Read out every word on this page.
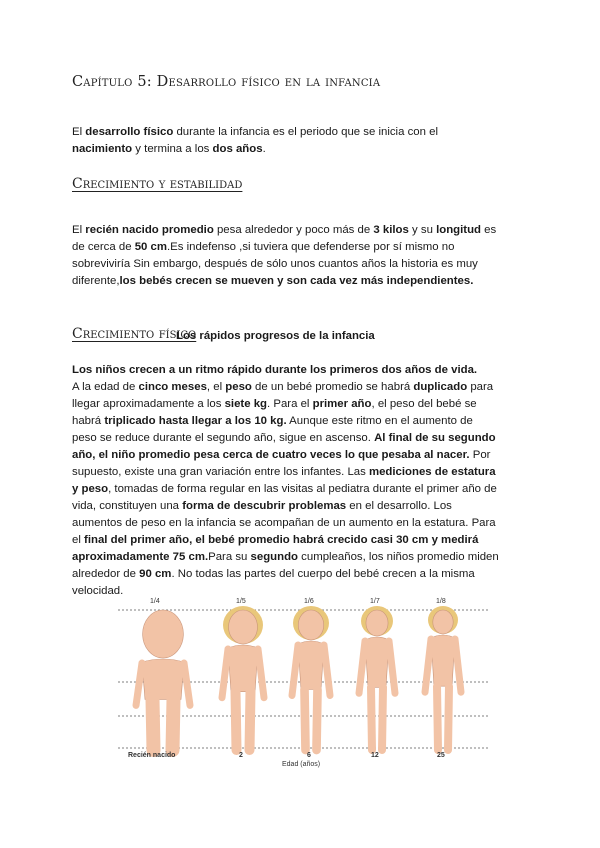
Capítulo 5: Desarrollo físico en la infancia
El desarrollo físico durante la infancia es el periodo que se inicia con el
nacimiento y termina a los dos años.
Crecimiento y estabilidad
El recién nacido promedio pesa alrededor y poco más de 3 kilos y su longitud es
de cerca de 50 cm.Es indefenso ,si tuviera que defenderse por sí mismo no
sobreviviría Sin embargo, después de sólo unos cuantos años la historia es muy
diferente,los bebés crecen se mueven y son cada vez más independientes.
Crecimiento físico
Los rápidos progresos de la infancia
Los niños crecen a un ritmo rápido durante los primeros dos años de vida.
A la edad de cinco meses, el peso de un bebé promedio se habrá duplicado para
llegar aproximadamente a los siete kg. Para el primer año, el peso del bebé se
habrá triplicado hasta llegar a los 10 kg. Aunque este ritmo en el aumento de
peso se reduce durante el segundo año, sigue en ascenso. Al final de su segundo
año, el niño promedio pesa cerca de cuatro veces lo que pesaba al nacer. Por
supuesto, existe una gran variación entre los infantes. Las mediciones de estatura
y peso, tomadas de forma regular en las visitas al pediatra durante el primer año de
vida, constituyen una forma de descubrir problemas en el desarrollo. Los
aumentos de peso en la infancia se acompañan de un aumento en la estatura. Para
el final del primer año, el bebé promedio habrá crecido casi 30 cm y medirá
aproximadamente 75 cm.Para su segundo cumpleaños, los niños promedio miden
alrededor de 90 cm. No todas las partes del cuerpo del bebé crecen a la misma
velocidad.
1/4	1/5	1/6	1/7	1/8
Recién nacido	2	6	12	25
Edad (años)
